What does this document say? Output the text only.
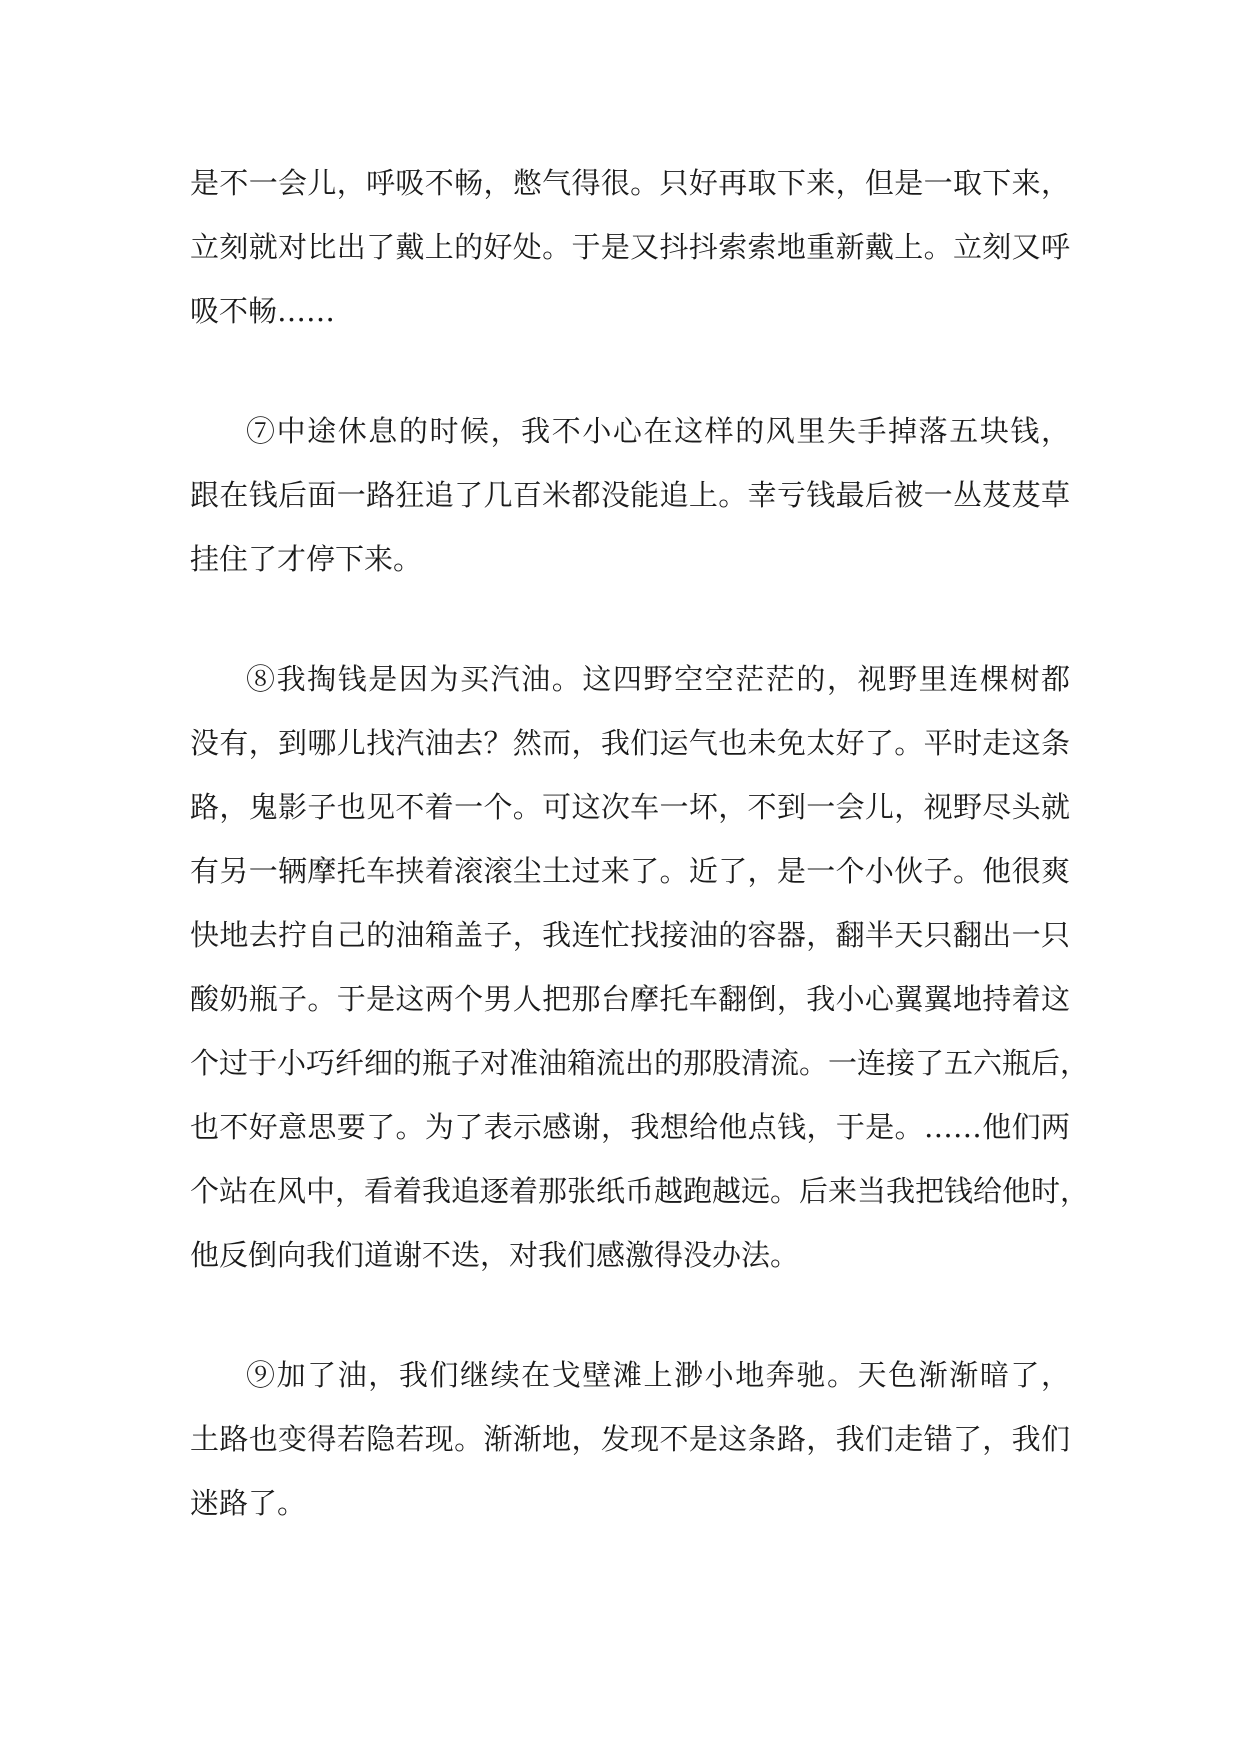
是不一会儿，呼吸不畅，憋气得很。只好再取下来，但是一取下来，
立刻就对比出了戴上的好处。于是又抖抖索索地重新戴上。立刻又呼
吸不畅……
⑦中途休息的时候，我不小心在这样的风里失手掉落五块钱，
跟在钱后面一路狂追了几百米都没能追上。幸亏钱最后被一丛芨芨草
挂住了才停下来。
⑧我掏钱是因为买汽油。这四野空空茫茫的，视野里连棵树都
没有，到哪儿找汽油去？然而，我们运气也未免太好了。平时走这条
路，鬼影子也见不着一个。可这次车一坏，不到一会儿，视野尽头就
有另一辆摩托车挟着滚滚尘土过来了。近了，是一个小伙子。他很爽
快地去拧自己的油箱盖子，我连忙找接油的容器，翻半天只翻出一只
酸奶瓶子。于是这两个男人把那台摩托车翻倒，我小心翼翼地持着这
个过于小巧纤细的瓶子对准油箱流出的那股清流。一连接了五六瓶后，
也不好意思要了。为了表示感谢，我想给他点钱，于是。……他们两
个站在风中，看着我追逐着那张纸币越跑越远。后来当我把钱给他时，
他反倒向我们道谢不迭，对我们感激得没办法。
⑨加了油，我们继续在戈壁滩上渺小地奔驰。天色渐渐暗了，
土路也变得若隐若现。渐渐地，发现不是这条路，我们走错了，我们
迷路了。
